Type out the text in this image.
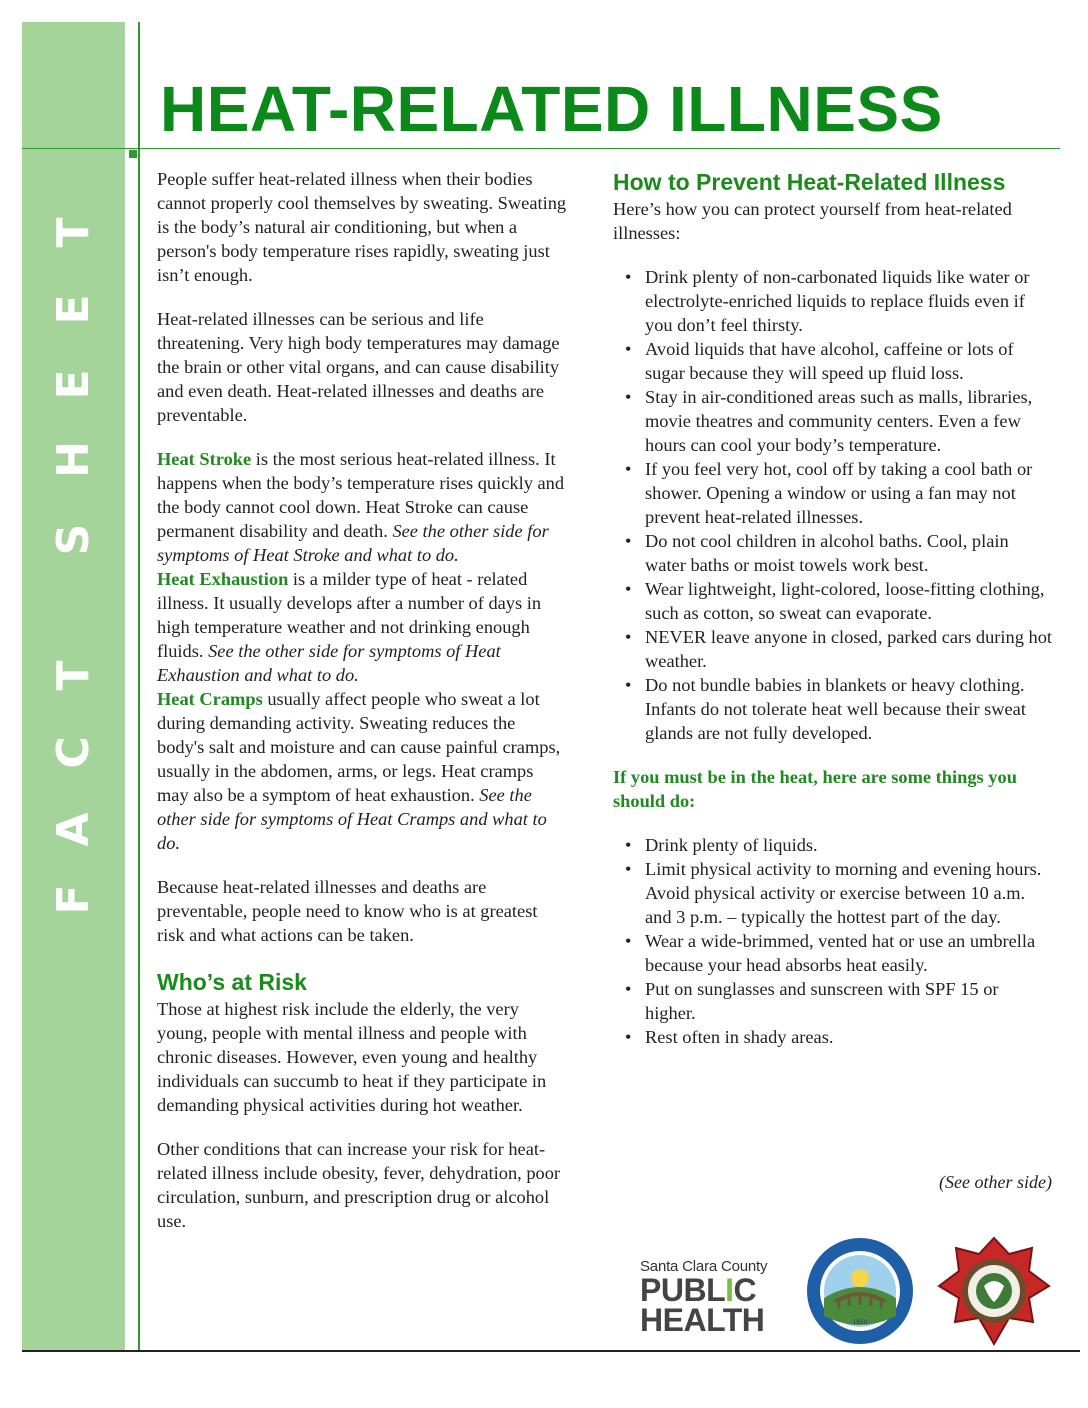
T
E
E
H
S
T
C
A
F
HEAT-RELATED ILLNESS

People suffer heat-related illness when their bodies cannot properly cool themselves by sweating. Sweating is the body’s natural air conditioning, but when a person's body temperature rises rapidly, sweating just isn’t enough.

Heat-related illnesses can be serious and life threatening. Very high body temperatures may damage the brain or other vital organs, and can cause disability and even death. Heat-related illnesses and deaths are preventable.

Heat Stroke is the most serious heat-related illness. It happens when the body’s temperature rises quickly and the body cannot cool down. Heat Stroke can cause permanent disability and death. See the other side for symptoms of Heat Stroke and what to do.

Heat Exhaustion is a milder type of heat - related illness. It usually develops after a number of days in high temperature weather and not drinking enough fluids. See the other side for symptoms of Heat Exhaustion and what to do.

Heat Cramps usually affect people who sweat a lot during demanding activity. Sweating reduces the body's salt and moisture and can cause painful cramps, usually in the abdomen, arms, or legs. Heat cramps may also be a symptom of heat exhaustion. See the other side for symptoms of Heat Cramps and what to do.

Because heat-related illnesses and deaths are preventable, people need to know who is at greatest risk and what actions can be taken.

Who’s at Risk

Those at highest risk include the elderly, the very young, people with mental illness and people with chronic diseases. However, even young and healthy individuals can succumb to heat if they participate in demanding physical activities during hot weather.

Other conditions that can increase your risk for heat-related illness include obesity, fever, dehydration, poor circulation, sunburn, and prescription drug or alcohol use.

How to Prevent Heat-Related Illness

Here’s how you can protect yourself from heat-related illnesses:

• Drink plenty of non-carbonated liquids like water or electrolyte-enriched liquids to replace fluids even if you don’t feel thirsty.
• Avoid liquids that have alcohol, caffeine or lots of sugar because they will speed up fluid loss.
• Stay in air-conditioned areas such as malls, libraries, movie theatres and community centers. Even a few hours can cool your body’s temperature.
• If you feel very hot, cool off by taking a cool bath or shower. Opening a window or using a fan may not prevent heat-related illnesses.
• Do not cool children in alcohol baths. Cool, plain water baths or moist towels work best.
• Wear lightweight, light-colored, loose-fitting clothing, such as cotton, so sweat can evaporate.
• NEVER leave anyone in closed, parked cars during hot weather.
• Do not bundle babies in blankets or heavy clothing. Infants do not tolerate heat well because their sweat glands are not fully developed.

If you must be in the heat, here are some things you should do:

• Drink plenty of liquids.
• Limit physical activity to morning and evening hours. Avoid physical activity or exercise between 10 a.m. and 3 p.m. – typically the hottest part of the day.
• Wear a wide-brimmed, vented hat or use an umbrella because your head absorbs heat easily.
• Put on sunglasses and sunscreen with SPF 15 or higher.
• Rest often in shady areas.
(See other side)
Santa Clara County
PUBLIC
HEALTH	1850
